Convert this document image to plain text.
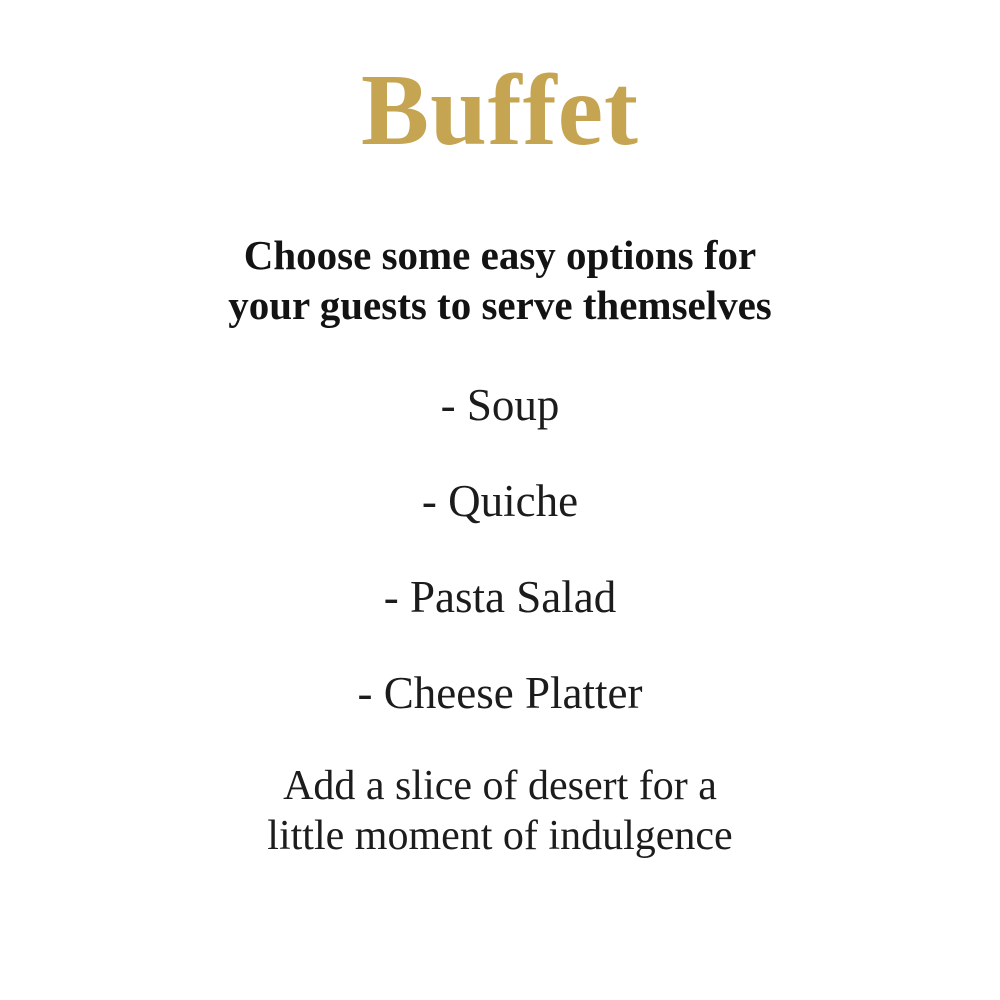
Buffet

Choose some easy options for
your guests to serve themselves

- Soup
- Quiche
- Pasta Salad
- Cheese Platter

Add a slice of desert for a
little moment of indulgence
